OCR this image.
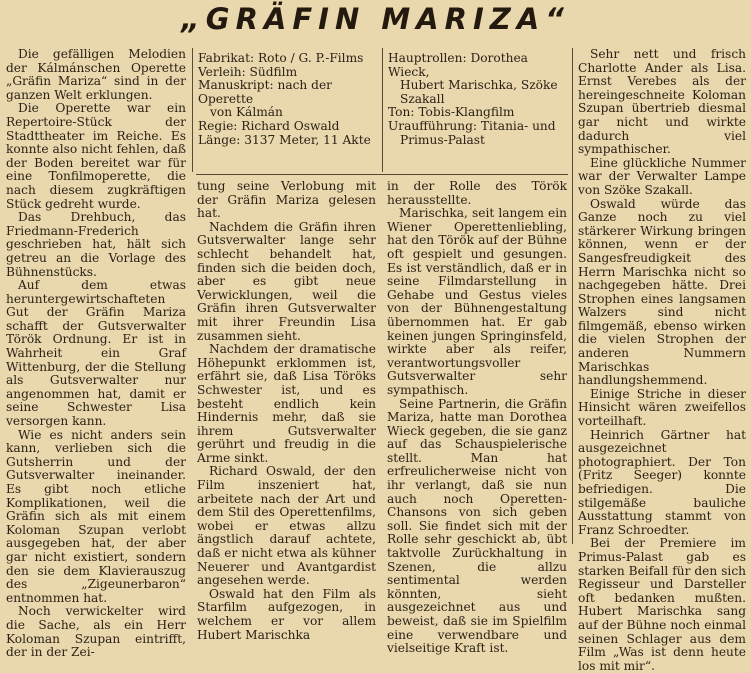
„GRÄFIN MARIZA“

Fabrikat: Roto / G. P.-Films

Verleih: Südfilm

Manuskript: nach der Operette

von Kálmán

Regie: Richard Oswald

Länge: 3137 Meter, 11 Akte

Hauptrollen: Dorothea Wieck,

Hubert Marischka, Szöke

Szakall

Ton: Tobis-Klangfilm

Uraufführung: Titania- und

Primus-Palast

Die gefälligen Melodien der Kálmánschen Operette „Gräfin Mariza“ sind in der ganzen Welt erklungen.

Die Operette war ein Repertoire-Stück der Stadttheater im Reiche. Es konnte also nicht fehlen, daß der Boden bereitet war für eine Tonfilmoperette, die nach diesem zugkräftigen Stück gedreht wurde.

Das Drehbuch, das Friedmann-Frederich geschrieben hat, hält sich getreu an die Vorlage des Bühnenstücks.

Auf dem etwas heruntergewirtschafteten Gut der Gräfin Mariza schafft der Gutsverwalter Török Ordnung. Er ist in Wahrheit ein Graf Wittenburg, der die Stellung als Gutsverwalter nur angenommen hat, damit er seine Schwester Lisa versorgen kann.

Wie es nicht anders sein kann, verlieben sich die Gutsherrin und der Gutsverwalter ineinander. Es gibt noch etliche Komplikationen, weil die Gräfin sich als mit einem Koloman Szupan verlobt ausgegeben hat, der aber gar nicht existiert, sondern den sie dem Klavierauszug des „Zigeunerbaron“ entnommen hat.

Noch verwickelter wird die Sache, als ein Herr Koloman Szupan eintrifft, der in der Zei-

tung seine Verlobung mit der Gräfin Mariza gelesen hat.

Nachdem die Gräfin ihren Gutsverwalter lange sehr schlecht behandelt hat, finden sich die beiden doch, aber es gibt neue Verwicklungen, weil die Gräfin ihren Gutsverwalter mit ihrer Freundin Lisa zusammen sieht.

Nachdem der dramatische Höhepunkt erklommen ist, erfährt sie, daß Lisa Töröks Schwester ist, und es besteht endlich kein Hindernis mehr, daß sie ihrem Gutsverwalter gerührt und freudig in die Arme sinkt.

Richard Oswald, der den Film inszeniert hat, arbeitete nach der Art und dem Stil des Operettenfilms, wobei er etwas allzu ängstlich darauf achtete, daß er nicht etwa als kühner Neuerer und Avantgardist angesehen werde.

Oswald hat den Film als Starfilm aufgezogen, in welchem er vor allem Hubert Marischka

in der Rolle des Török herausstellte.

Marischka, seit langem ein Wiener Operettenliebling, hat den Török auf der Bühne oft gespielt und gesungen. Es ist verständlich, daß er in seine Filmdarstellung in Gehabe und Gestus vieles von der Bühnengestaltung übernommen hat. Er gab keinen jungen Springinsfeld, wirkte aber als reifer, verantwortungsvoller Gutsverwalter sehr sympathisch.

Seine Partnerin, die Gräfin Mariza, hatte man Dorothea Wieck gegeben, die sie ganz auf das Schauspielerische stellt. Man hat erfreulicherweise nicht von ihr verlangt, daß sie nun auch noch Operetten-Chansons von sich geben soll. Sie findet sich mit der Rolle sehr geschickt ab, übt taktvolle Zurückhaltung in Szenen, die allzu sentimental werden könnten, sieht ausgezeichnet aus und beweist, daß sie im Spielfilm eine verwendbare und vielseitige Kraft ist.

Sehr nett und frisch Charlotte Ander als Lisa. Ernst Verebes als der hereingeschneite Koloman Szupan übertrieb diesmal gar nicht und wirkte dadurch viel sympathischer.

Eine glückliche Nummer war der Verwalter Lampe von Szöke Szakall.

Oswald würde das Ganze noch zu viel stärkerer Wirkung bringen können, wenn er der Sangesfreudigkeit des Herrn Marischka nicht so nachgegeben hätte. Drei Strophen eines langsamen Walzers sind nicht filmgemäß, ebenso wirken die vielen Strophen der anderen Nummern Marischkas handlungshemmend.

Einige Striche in dieser Hinsicht wären zweifellos vorteilhaft.

Heinrich Gärtner hat ausgezeichnet photographiert. Der Ton (Fritz Seeger) konnte befriedigen. Die stilgemäße bauliche Ausstattung stammt von Franz Schroedter.

Bei der Premiere im Primus-Palast gab es starken Beifall für den sich Regisseur und Darsteller oft bedanken mußten. Hubert Marischka sang auf der Bühne noch einmal seinen Schlager aus dem Film „Was ist denn heute los mit mir“.
